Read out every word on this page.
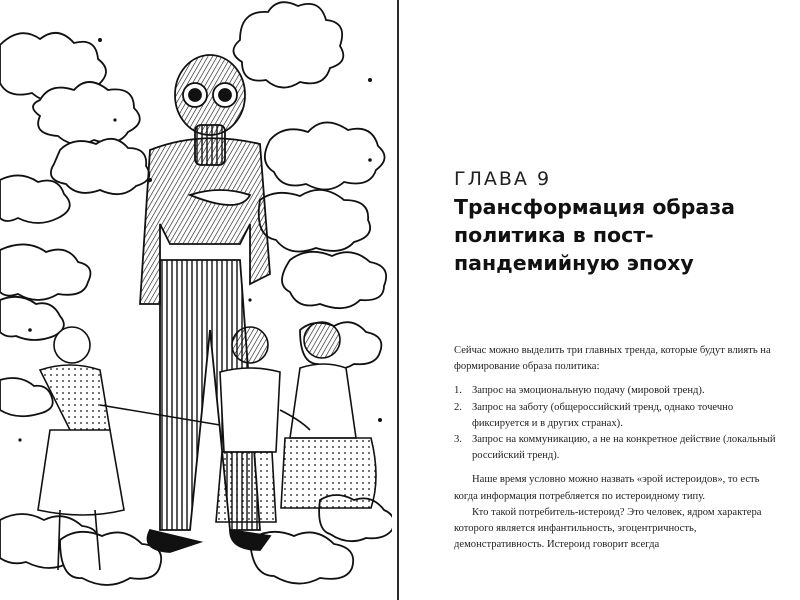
ГЛАВА 9
Трансформация образа
политика в пост-
пандемийную эпоху

Сейчас можно выделить три главных тренда, которые будут влиять на формирование образа политика:

1. Запрос на эмоциональную подачу (мировой тренд).
2. Запрос на заботу (общероссийский тренд, однако точечно фиксируется и в других странах).
3. Запрос на коммуникацию, а не на конкретное действие (локальный российский тренд).

Наше время условно можно назвать «эрой истероидов», то есть когда информация потребляется по истероидному типу.

Кто такой потребитель-истероид? Это человек, ядром характера которого является инфантильность, эгоцентричность, демонстративность. Истероид говорит всегда
